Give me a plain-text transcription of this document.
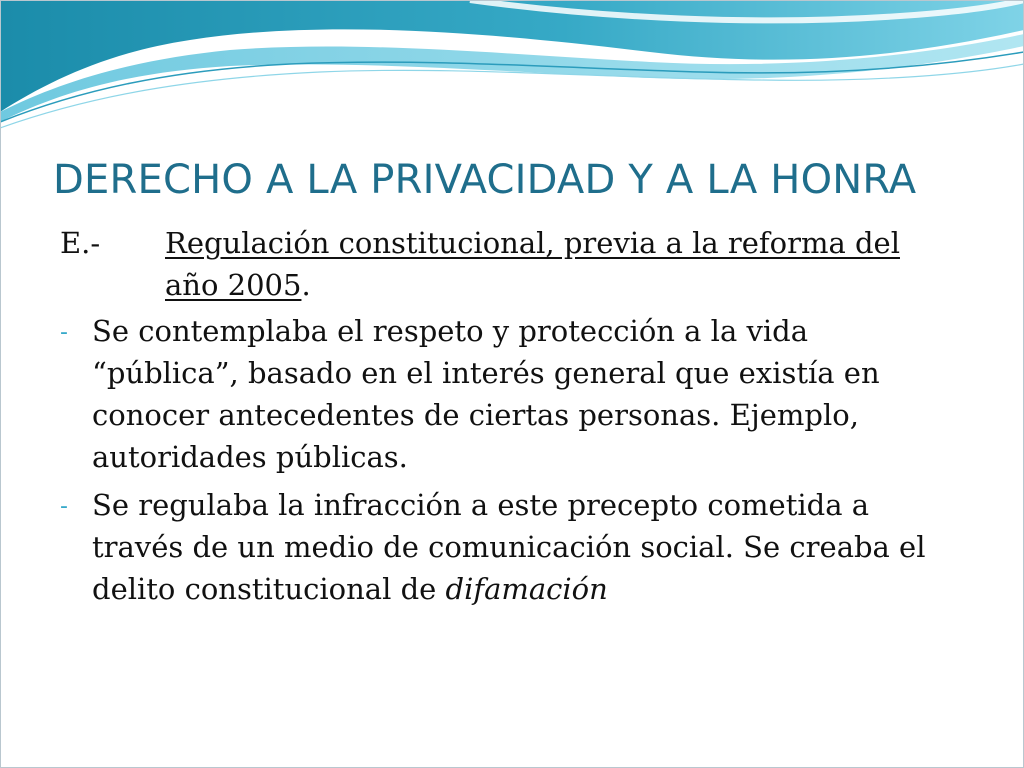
DERECHO A LA PRIVACIDAD Y A LA HONRA
E.-	Regulación constitucional, previa a la reforma del año 2005.
- Se contemplaba el respeto y protección a la vida “pública”, basado en el interés general que existía en conocer antecedentes de ciertas personas. Ejemplo, autoridades públicas.
- Se regulaba la infracción a este precepto cometida a través de un medio de comunicación social. Se creaba el delito constitucional de difamación
